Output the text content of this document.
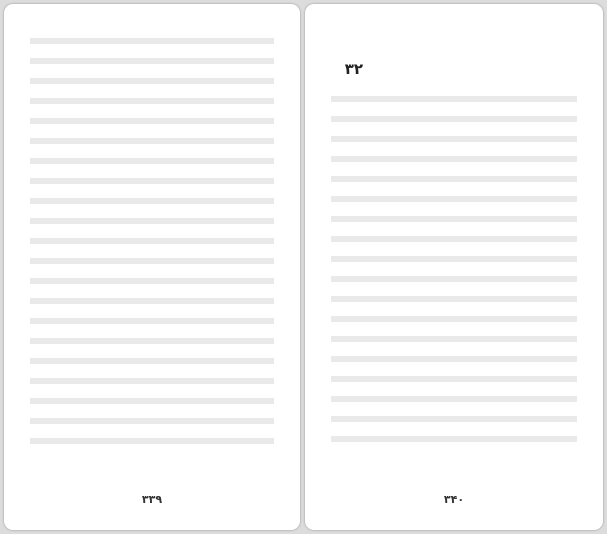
۳۳۹
۳۲

۳۴۰
